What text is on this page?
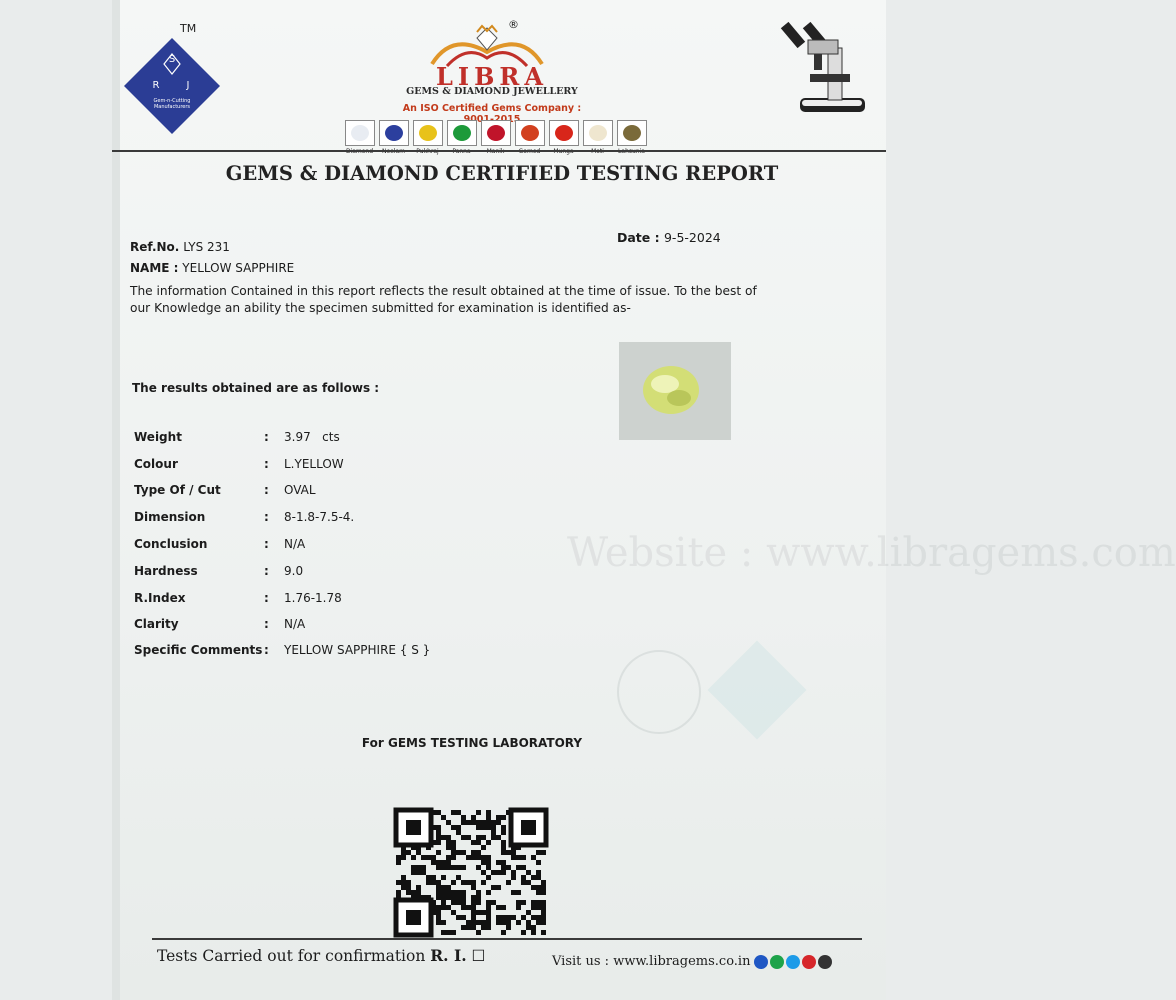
S
R	J
Gem-n-Cutting
Manufacturers
TM	®
LIBRA
GEMS & DIAMOND JEWELLERY
An ISO Certified Gems Company :
GEMS & DIAMOND CERTIFIED TESTING REPORT
Date : 9-5-2024
Ref.No. LYS 231
NAME : YELLOW SAPPHIRE
The information Contained in this report reflects the result obtained at the time of issue. To the best of our Knowledge an ability the specimen submitted for examination is identified as-
The results obtained are as follows :
Weight	: 3.97   cts
Colour	: L.YELLOW
Type Of / Cut	: OVAL
Dimension	: 8-1.8-7.5-4.
Conclusion	: N/A
Hardness	: 9.0
R.Index	: 1.76-1.78
Clarity	: N/A
Specific Comments : YELLOW SAPPHIRE { S }
Website : www.libragems.com
For GEMS TESTING LABORATORY
Tests Carried out for confirmation R. I. ☐	Visit us : www.libragems.co.in
